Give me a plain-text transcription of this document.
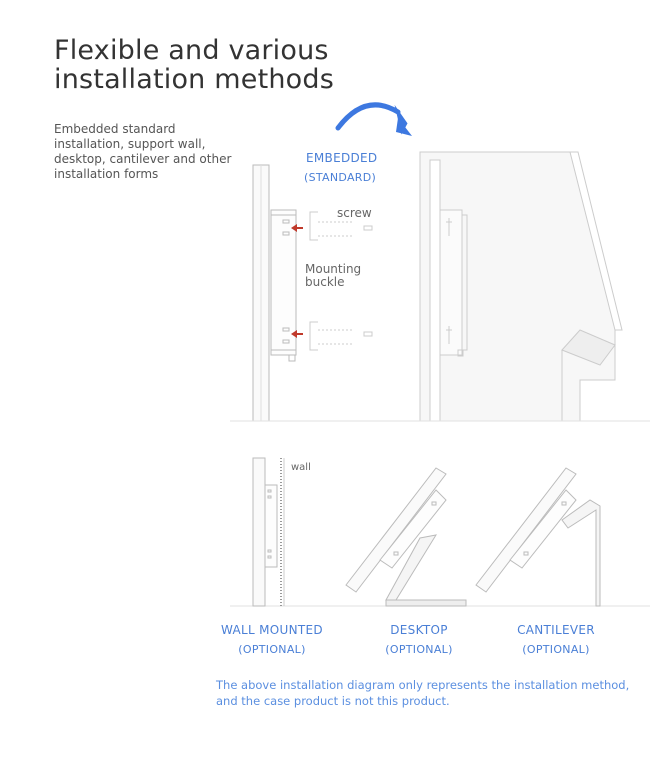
Flexible and various
installation methods
Embedded standard installation, support wall, desktop, cantilever and other installation forms
EMBEDDED
(STANDARD)
screw
Mounting
buckle
wall
WALL MOUNTED
(OPTIONAL)
DESKTOP
(OPTIONAL)
CANTILEVER
(OPTIONAL)
The above installation diagram only represents the installation method, and the case product is not this product.
